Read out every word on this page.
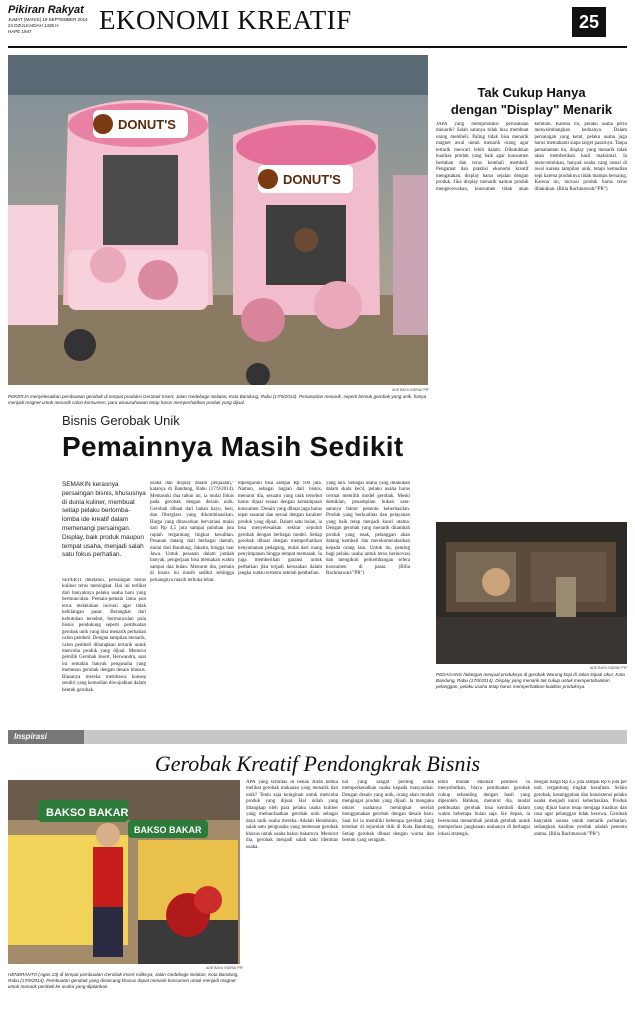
Pikiran Rakyat
JUMAT (MANIS) 19 SEPTEMBER 2014
24 DZULKAIDAH 1435 H
HAPE 1947	EKONOMI KREATIF	25
DONUT'S
DONUT'S
ADE BAYU INDRA/"PR"
PEKERJA menyelesaikan pembuatan gerobak di tempat produksi Gerobak Insert, Jalan Gedebage Selatan, Kota Bandung, Rabu (17/9/2014). Penampilan menarik, seperti bentuk gerobak yang unik, hanya menjadi magnet untuk menarik calon konsumen, para wirausahawan tetap harus memperhatikan produk yang dijual.
Bisnis Gerobak Unik
Pemainnya Masih Sedikit
SEMAKIN kerasnya persaingan bisnis, khususnya di dunia kuliner, membuat setiap pelaku berlomba-lomba ide kreatif dalam memenangi persaingan. Display, baik produk maupun tempat usaha, menjadi salah satu fokus perhatian.

SEPERTI diketahui, persaingan bisnis kuliner terus meningkat. Hal ini terlihat dari banyaknya pelaku usaha baru yang bermunculan. Pemain-pemain lama pun terus melakukan inovasi agar tidak kehilangan pasar. Berangkat dari kebutuhan tersebut, bermunculan pula bisnis pendukung seperti pembuatan gerobak unik yang bisa menarik perhatian calon pembeli. Dengan tampilan menarik, calon pembeli diharapkan tertarik untuk mencoba produk yang dijual. Menurut pemilik Gerobak Insert, Herwandra, saat ini semakin banyak pengusaha yang memesan gerobak dengan desain khusus. Biasanya mereka membawa konsep sendiri yang kemudian diwujudkan dalam bentuk gerobak.

usaha dan display dalam penjualan," katanya di Bandung, Rabu (17/9/2014). Memasuki dua tahun ini, ia mulai fokus pada gerobak dengan desain unik. Gerobak dibuat dari bahan kayu, besi, dan fiberglass yang dikombinasikan. Harga yang ditawarkan bervariasi mulai dari Rp 4,5 juta sampai puluhan juta rupiah tergantung tingkat kesulitan. Pesanan datang dari berbagai daerah, mulai dari Bandung, Jakarta, hingga luar Jawa. Untuk pesanan dalam jumlah banyak, pengerjaan bisa memakan waktu sampai dua bulan. Menurut dia, pemain di bisnis ini masih sedikit sehingga peluangnya masih terbuka lebar.

dipengaruhi bisa sampai Rp 100 juta. Namun, sebagai bagian dari bisnis, menurut dia, sesuatu yang unik tersebut harus dijual sesuai dengan kemampuan konsumen. Desain yang dibuat juga harus tepat sasaran dan sesuai dengan karakter produk yang dijual. Dalam satu bulan, ia bisa menyelesaikan sekitar sepuluh gerobak dengan berbagai model. Setiap gerobak dibuat dengan memperhatikan kenyamanan pedagang, mulai dari ruang penyimpanan hingga tempat memasak. Ia juga memberikan garansi untuk perbaikan jika terjadi kerusakan dalam jangka waktu tertentu setelah pembelian.

yang lain. Sebagai usaha yang dilakukan dalam skala kecil, pelaku usaha harus cermat memilih model gerobak. Meski demikian, penampilan bukan satu-satunya faktor penentu keberhasilan. Produk yang berkualitas dan pelayanan yang baik tetap menjadi kunci utama. Dengan gerobak yang menarik ditambah produk yang enak, pelanggan akan datang kembali dan merekomendasikan kepada orang lain. Untuk itu, penting bagi pelaku usaha untuk terus berinovasi dan mengikuti perkembangan selera konsumen di pasar. (Bilia Rachmawati/"PR")

Tak Cukup Hanya
dengan "Display" Menarik

JAPA yang memproduksi perusahaan menarik? Salah satunya tidak bisa membuat orang membeli. Paling tidak bisa menarik magnet awal untuk menarik orang agar tertarik mencari lebih dalam. Dibutuhkan kualitas produk yang baik agar konsumen bertahan dan terus kembali membeli. Pengamat dan praktisi ekonomi kreatif mengatakan, display harus sejalan dengan produk. Jika display menarik namun produk mengecewakan, konsumen tidak akan kembali. Karena itu, pelaku usaha perlu menyeimbangkan keduanya. Dalam persaingan yang ketat, pelaku usaha juga harus memahami siapa target pasarnya. Tanpa pemahaman itu, display yang menarik tidak akan memberikan hasil maksimal. Ia mencontohkan, banyak usaha yang ramai di awal karena tampilan unik, tetapi kemudian sepi karena produknya tidak mampu bersaing. Karena itu, inovasi produk harus terus dilakukan. (Bilia Rachmawati/"PR")

ADE BAYU INDRA/"PR"
PEDAGANG hidangan menjual produknya di gerobak Warung kopi di Jalan Dipati Ukur, Kota Bandung, Rabu (17/9/2014). Display yang menarik tak cukup untuk mempertahankan pelanggan, pelaku usaha tetap harus memperhatikan kualitas produknya.
Inspirasi
Gerobak Kreatif Pendongkrak Bisnis
BAKSO BAKAR
BAKSO BAKAR
ADE BAYU INDRA/"PR"
HENDRANTO (Agan 23) di tempat pembuatan Gerobak Insert miliknya, Jalan Gedebage Selatan, Kota Bandung, Rabu (17/9/2014). Pembuatan gerobak yang dirancang khusus dapat menarik konsumen untuk menjadi magnet untuk menarik pembeli ke usaha yang dijalankan.

APA yang terlintas di benak Anda ketika melihat gerobak makanan yang menarik dan unik? Tentu saja keinginan untuk mencoba produk yang dijual. Hal inilah yang ditangkap oleh para pelaku usaha kuliner yang memanfaatkan gerobak unik sebagai daya tarik usaha mereka. Adalah Hendranto, salah satu pengusaha yang memesan gerobak khusus untuk usaha bakso bakarnya. Menurut dia, gerobak menjadi salah satu identitas usaha.

hal yang sangat penting untuk memperkenalkan usaha kepada masyarakat. Dengan desain yang unik, orang akan mudah mengingat produk yang dijual. Ia mengaku omzet usahanya meningkat setelah menggunakan gerobak dengan desain baru. Saat ini ia memiliki beberapa gerobak yang tersebar di sejumlah titik di Kota Bandung. Setiap gerobak dibuat dengan warna dan bentuk yang seragam.

lebih mudah dikenali pembeli. Ia menyebutkan, biaya pembuatan gerobak cukup sebanding dengan hasil yang diperoleh. Bahkan, menurut dia, modal pembuatan gerobak bisa kembali dalam waktu beberapa bulan saja. Ke depan, ia berencana menambah jumlah gerobak untuk memperluas jangkauan usahanya di berbagai lokasi strategis.

dengan harga Rp 4,5 juta sampai Rp 6 juta per unit, tergantung tingkat kesulitan. Selain gerobak, kesungguhan dan konsistensi pelaku usaha menjadi kunci keberhasilan. Produk yang dijual harus tetap menjaga kualitas dan rasa agar pelanggan tidak kecewa. Gerobak hanyalah sarana untuk menarik perhatian, sedangkan kualitas produk adalah penentu utama. (Bilia Rachmawati/"PR")
